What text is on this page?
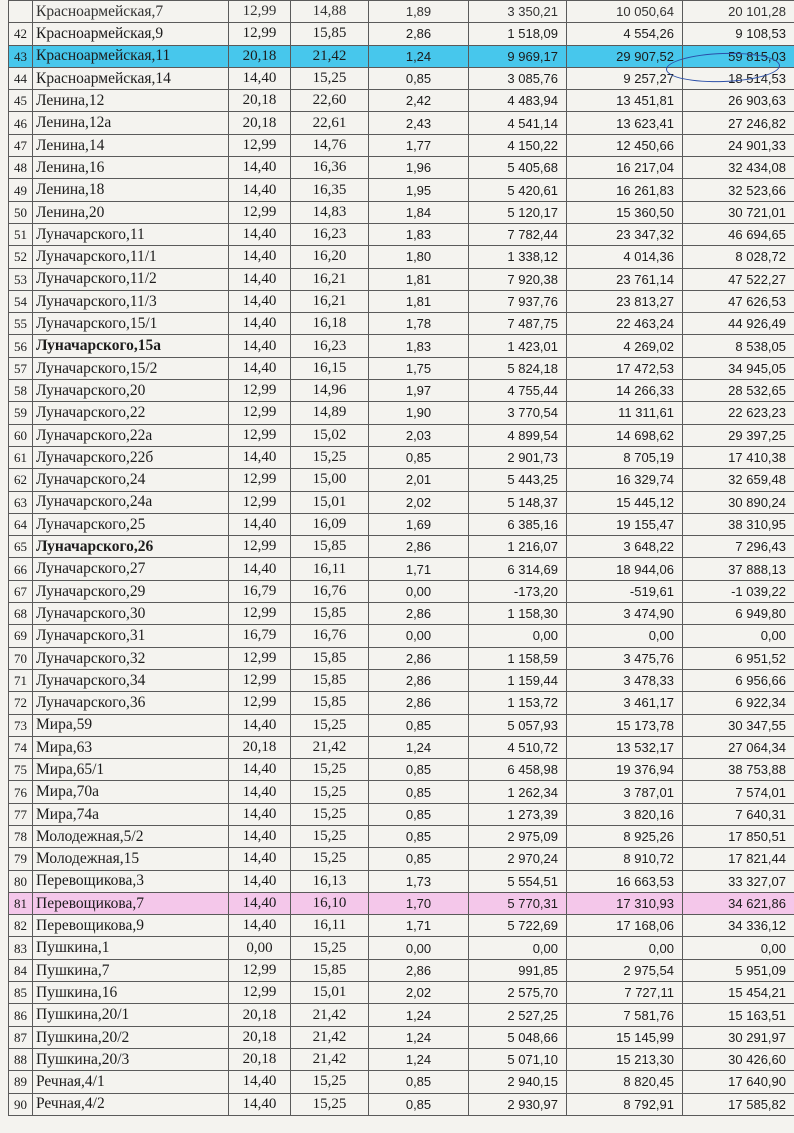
	Красноармейская,7	12,99	14,88	1,89	3 350,21	10 050,64	20 101,28
42	Красноармейская,9	12,99	15,85	2,86	1 518,09	4 554,26	9 108,53
43	Красноармейская,11	20,18	21,42	1,24	9 969,17	29 907,52	59 815,03
44	Красноармейская,14	14,40	15,25	0,85	3 085,76	9 257,27	18 514,53
45	Ленина,12	20,18	22,60	2,42	4 483,94	13 451,81	26 903,63
46	Ленина,12а	20,18	22,61	2,43	4 541,14	13 623,41	27 246,82
47	Ленина,14	12,99	14,76	1,77	4 150,22	12 450,66	24 901,33
48	Ленина,16	14,40	16,36	1,96	5 405,68	16 217,04	32 434,08
49	Ленина,18	14,40	16,35	1,95	5 420,61	16 261,83	32 523,66
50	Ленина,20	12,99	14,83	1,84	5 120,17	15 360,50	30 721,01
51	Луначарского,11	14,40	16,23	1,83	7 782,44	23 347,32	46 694,65
52	Луначарского,11/1	14,40	16,20	1,80	1 338,12	4 014,36	8 028,72
53	Луначарского,11/2	14,40	16,21	1,81	7 920,38	23 761,14	47 522,27
54	Луначарского,11/3	14,40	16,21	1,81	7 937,76	23 813,27	47 626,53
55	Луначарского,15/1	14,40	16,18	1,78	7 487,75	22 463,24	44 926,49
56	Луначарского,15а	14,40	16,23	1,83	1 423,01	4 269,02	8 538,05
57	Луначарского,15/2	14,40	16,15	1,75	5 824,18	17 472,53	34 945,05
58	Луначарского,20	12,99	14,96	1,97	4 755,44	14 266,33	28 532,65
59	Луначарского,22	12,99	14,89	1,90	3 770,54	11 311,61	22 623,23
60	Луначарского,22а	12,99	15,02	2,03	4 899,54	14 698,62	29 397,25
61	Луначарского,22б	14,40	15,25	0,85	2 901,73	8 705,19	17 410,38
62	Луначарского,24	12,99	15,00	2,01	5 443,25	16 329,74	32 659,48
63	Луначарского,24а	12,99	15,01	2,02	5 148,37	15 445,12	30 890,24
64	Луначарского,25	14,40	16,09	1,69	6 385,16	19 155,47	38 310,95
65	Луначарского,26	12,99	15,85	2,86	1 216,07	3 648,22	7 296,43
66	Луначарского,27	14,40	16,11	1,71	6 314,69	18 944,06	37 888,13
67	Луначарского,29	16,79	16,76	0,00	-173,20	-519,61	-1 039,22
68	Луначарского,30	12,99	15,85	2,86	1 158,30	3 474,90	6 949,80
69	Луначарского,31	16,79	16,76	0,00	0,00	0,00	0,00
70	Луначарского,32	12,99	15,85	2,86	1 158,59	3 475,76	6 951,52
71	Луначарского,34	12,99	15,85	2,86	1 159,44	3 478,33	6 956,66
72	Луначарского,36	12,99	15,85	2,86	1 153,72	3 461,17	6 922,34
73	Мира,59	14,40	15,25	0,85	5 057,93	15 173,78	30 347,55
74	Мира,63	20,18	21,42	1,24	4 510,72	13 532,17	27 064,34
75	Мира,65/1	14,40	15,25	0,85	6 458,98	19 376,94	38 753,88
76	Мира,70а	14,40	15,25	0,85	1 262,34	3 787,01	7 574,01
77	Мира,74а	14,40	15,25	0,85	1 273,39	3 820,16	7 640,31
78	Молодежная,5/2	14,40	15,25	0,85	2 975,09	8 925,26	17 850,51
79	Молодежная,15	14,40	15,25	0,85	2 970,24	8 910,72	17 821,44
80	Перевощикова,3	14,40	16,13	1,73	5 554,51	16 663,53	33 327,07
81	Перевощикова,7	14,40	16,10	1,70	5 770,31	17 310,93	34 621,86
82	Перевощикова,9	14,40	16,11	1,71	5 722,69	17 168,06	34 336,12
83	Пушкина,1	0,00	15,25	0,00	0,00	0,00	0,00
84	Пушкина,7	12,99	15,85	2,86	991,85	2 975,54	5 951,09
85	Пушкина,16	12,99	15,01	2,02	2 575,70	7 727,11	15 454,21
86	Пушкина,20/1	20,18	21,42	1,24	2 527,25	7 581,76	15 163,51
87	Пушкина,20/2	20,18	21,42	1,24	5 048,66	15 145,99	30 291,97
88	Пушкина,20/3	20,18	21,42	1,24	5 071,10	15 213,30	30 426,60
89	Речная,4/1	14,40	15,25	0,85	2 940,15	8 820,45	17 640,90
90	Речная,4/2	14,40	15,25	0,85	2 930,97	8 792,91	17 585,82
